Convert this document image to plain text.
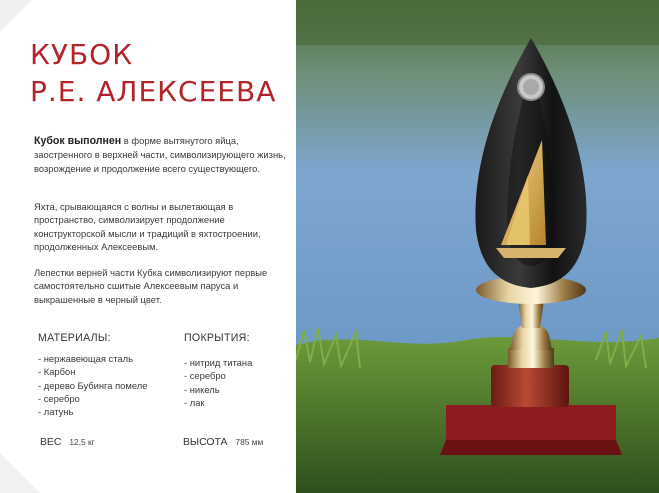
КУБОК
Р.Е. АЛЕКСЕЕВА

Кубок выполнен в форме вытянутого яйца, заостренного в верхней части, символизирующего жизнь, возрождение и продолжение всего существующего.

Яхта, срывающаяся с волны и вылетающая в пространство, символизирует продолжение конструкторской мысли и традиций в яхтостроении, продолженных Алексеевым.

Лепестки верней части Кубка символизируют первые самостоятельно сшитые Алексеевым паруса и выкрашенные в черный цвет.

МАТЕРИАЛЫ:
- нержавеющая сталь
- Карбон
- дерево Бубинга помеле
- серебро
- латунь
ПОКРЫТИЯ:
- нитрид титана
- серебро
- никель
- лак
ВЕС 12,5 кг	ВЫСОТА 785 мм
